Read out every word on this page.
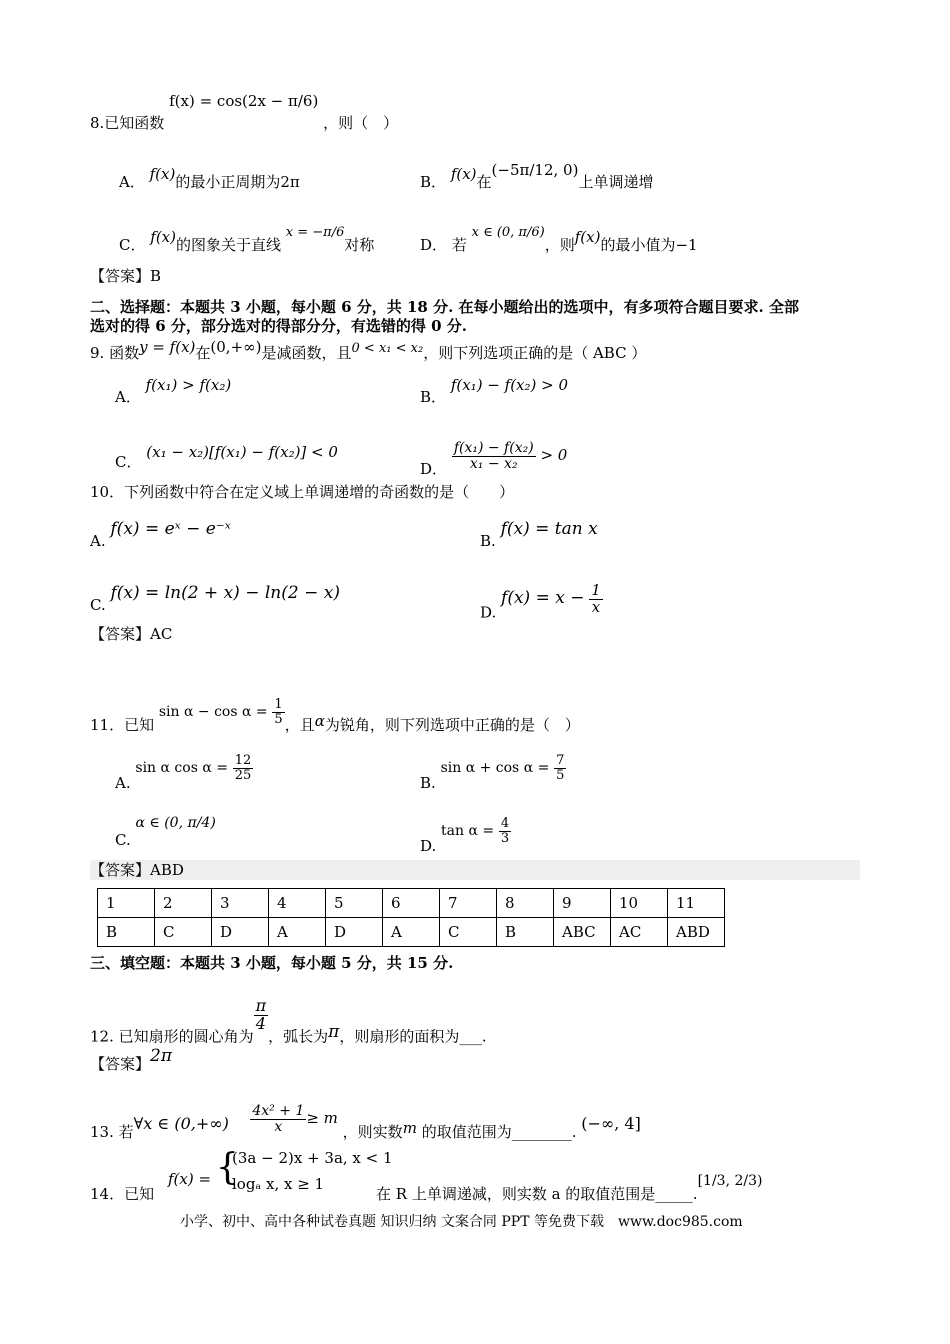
8.已知函数 f(x) = cos(2x − π/6) ，则（　）
A． f(x)的最小正周期为2π	B． f(x)在(−5π/12, 0)上单调递增
C． f(x)的图象关于直线 x = −π/6对称	D． 若 x ∈ (0, π/6)，则f(x)的最小值为−1
【答案】B
二、选择题：本题共 3 小题，每小题 6 分，共 18 分. 在每小题给出的选项中，有多项符合题目要求. 全部
选对的得 6 分，部分选对的得部分分，有选错的得 0 分.
9. 函数y = f(x)在(0,+∞)是减函数，且0 < x₁ < x₂，则下列选项正确的是（ ABC ）
A． f(x₁) > f(x₂)
B． f(x₁) − f(x₂) > 0
C． (x₁ − x₂)[f(x₁) − f(x₂)] < 0
D． $\frac{\text{f(x₁) − f(x₂)}}{\text{x₁ − x₂}} > 0$
10．下列函数中符合在定义域上单调递增的奇函数的是（　　）
A. f(x) = eˣ − e⁻ˣ
B. f(x) = tan x
C. f(x) = ln(2 + x) − ln(2 − x)
D. $f(x) = x - \frac{1}{x}$
【答案】AC
11．已知 $\sin \alpha - \cos \alpha = \frac{1}{5}$ ，且α为锐角，则下列选项中正确的是（　）
A. sin α $\cos \alpha = \frac{12}{25}$
B. $\sin \alpha + \cos \alpha = \frac{7}{5}$
C. α ∈ (0, π/4)
D. $\tan \alpha = \frac{4}{3}$
【答案】ABD
1	2	3	4	5	6	7	8	9	10	11
B	C	D	A	D	A	C	B	ABC	AC	ABD
三、填空题：本题共 3 小题，每小题 5 分，共 15 分.
12. 已知扇形的圆心角为
$\frac{\pi}{4}$
，弧长为π，则扇形的面积为___.
【答案】2π
13. 若∀x ∈ $(0,+\infty) \frac{\text{4x² + 1}}{x} \ge m$ ，则实数m 的取值范围为________. (−∞, 4]
14．已知
f(x) = {
(3a − 2)x + 3a, x < 1
logₐ x, x ≥ 1
在 R 上单调递减，则实数 a 的取值范围是_____.[1/3, 2/3)
小学、初中、高中各种试卷真题 知识归纳 文案合同 PPT 等免费下载　www.doc985.com
